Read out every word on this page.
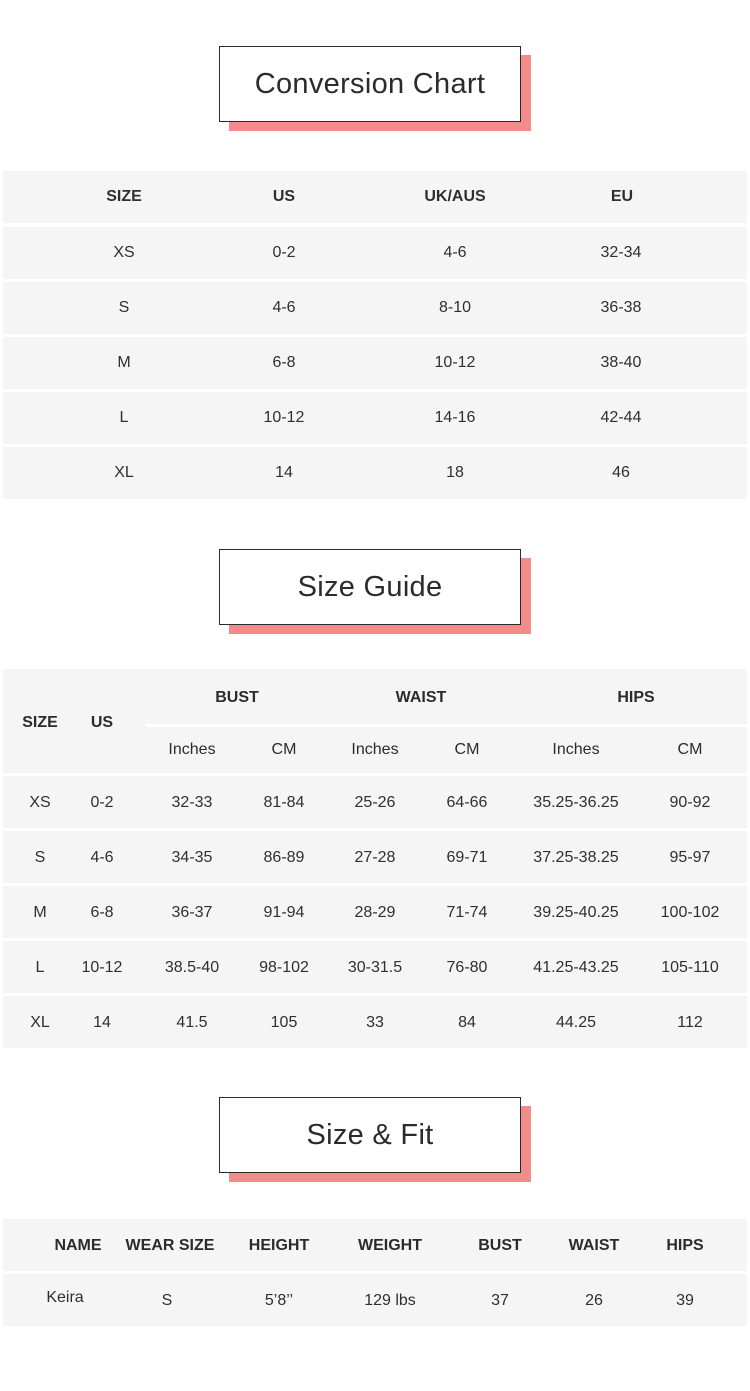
Conversion Chart
SIZE	US	UK/AUS	EU	
XS	0-2	4-6	32-34
S	4-6	8-10	36-38
M	6-8	10-12	38-40
L	10-12	14-16	42-44
XL	14	18	46
Size Guide
SIZE	US
BUST	WAIST	HIPS
Inches	CM	Inches	CM	Inches	CM
XS	0-2	32-33	81-84	25-26	64-66	35.25-36.25	90-92
S	4-6	34-35	86-89	27-28	69-71	37.25-38.25	95-97
M	6-8	36-37	91-94	28-29	71-74	39.25-40.25	100-102
L	10-12	38.5-40	98-102	30-31.5	76-80	41.25-43.25	105-110
XL	14	41.5	105	33	84	44.25	112
Size & Fit
NAME	WEAR SIZE	HEIGHT	WEIGHT	BUST	WAIST	HIPS
Keira	S	5’8’’	129 lbs	37	26	39
